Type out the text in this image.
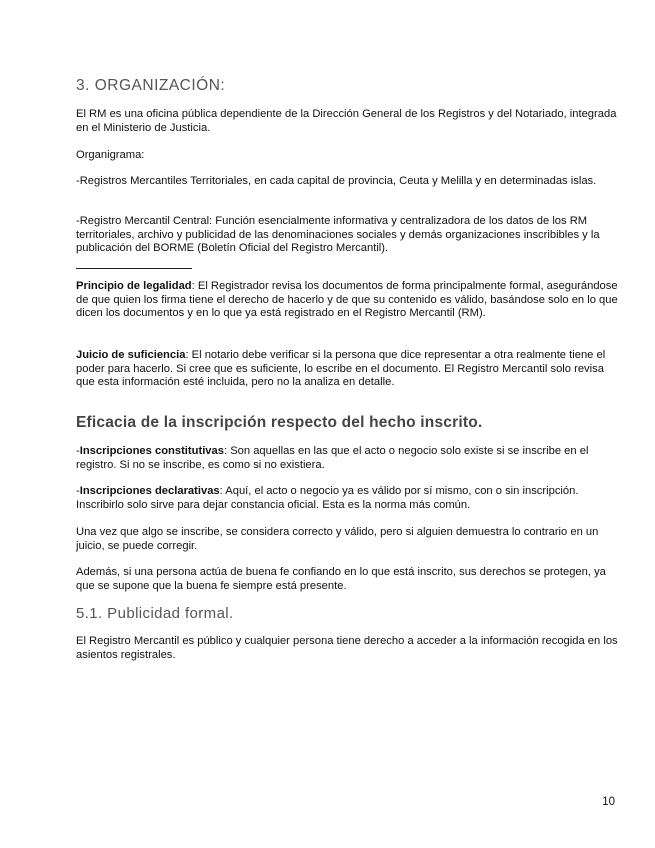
3. ORGANIZACIÓN:

El RM es una oficina pública dependiente de la Dirección General de los Registros y del Notariado, integrada en el Ministerio de Justicia.

Organigrama:

-Registros Mercantiles Territoriales, en cada capital de provincia, Ceuta y Melilla y en determinadas islas.

-Registro Mercantil Central: Función esencialmente informativa y centralizadora de los datos de los RM territoriales, archivo y publicidad de las denominaciones sociales y demás organizaciones inscribibles y la publicación del BORME (Boletín Oficial del Registro Mercantil).

Principio de legalidad: El Registrador revisa los documentos de forma principalmente formal, asegurándose de que quien los firma tiene el derecho de hacerlo y de que su contenido es válido, basándose solo en lo que dicen los documentos y en lo que ya está registrado en el Registro Mercantil (RM).

Juicio de suficiencia: El notario debe verificar si la persona que dice representar a otra realmente tiene el poder para hacerlo. Si cree que es suficiente, lo escribe en el documento. El Registro Mercantil solo revisa que esta información esté incluida, pero no la analiza en detalle.

Eficacia de la inscripción respecto del hecho inscrito.

-Inscripciones constitutivas: Son aquellas en las que el acto o negocio solo existe si se inscribe en el registro. Si no se inscribe, es como si no existiera.

-Inscripciones declarativas: Aquí, el acto o negocio ya es válido por sí mismo, con o sin inscripción. Inscribirlo solo sirve para dejar constancia oficial. Esta es la norma más común.

Una vez que algo se inscribe, se considera correcto y válido, pero si alguien demuestra lo contrario en un juicio, se puede corregir.

Además, si una persona actúa de buena fe confiando en lo que está inscrito, sus derechos se protegen, ya que se supone que la buena fe siempre está presente.

5.1. Publicidad formal.

El Registro Mercantil es público y cualquier persona tiene derecho a acceder a la información recogida en los asientos registrales.

10
